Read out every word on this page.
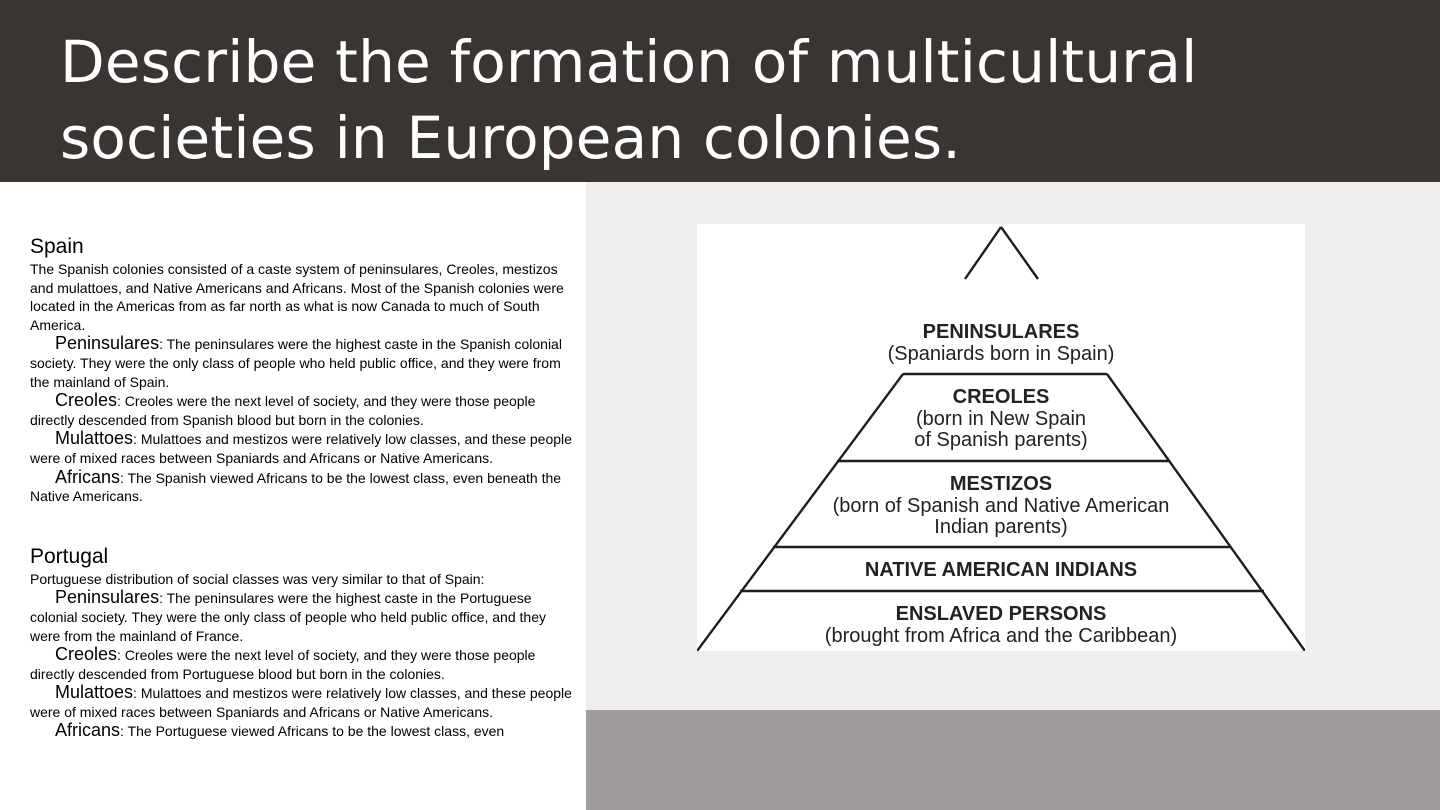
Describe the formation of multicultural societies in European colonies.
Spain

The Spanish colonies consisted of a caste system of peninsulares, Creoles, mestizos and mulattoes, and Native Americans and Africans. Most of the Spanish colonies were located in the Americas from as far north as what is now Canada to much of South America.

Peninsulares: The peninsulares were the highest caste in the Spanish colonial society. They were the only class of people who held public office, and they were from the mainland of Spain.

Creoles: Creoles were the next level of society, and they were those people directly descended from Spanish blood but born in the colonies.

Mulattoes: Mulattoes and mestizos were relatively low classes, and these people were of mixed races between Spaniards and Africans or Native Americans.

Africans: The Spanish viewed Africans to be the lowest class, even beneath the Native Americans.

Portugal

Portuguese distribution of social classes was very similar to that of Spain:

Peninsulares: The peninsulares were the highest caste in the Portuguese colonial society. They were the only class of people who held public office, and they were from the mainland of France.

Creoles: Creoles were the next level of society, and they were those people directly descended from Portuguese blood but born in the colonies.

Mulattoes: Mulattoes and mestizos were relatively low classes, and these people were of mixed races between Spaniards and Africans or Native Americans.

Africans: The Portuguese viewed Africans to be the lowest class, even

PENINSULARES
(Spaniards born in Spain)
CREOLES
(born in New Spain
of Spanish parents)
MESTIZOS
(born of Spanish and Native American
Indian parents)
NATIVE AMERICAN INDIANS
ENSLAVED PERSONS
(brought from Africa and the Caribbean)
